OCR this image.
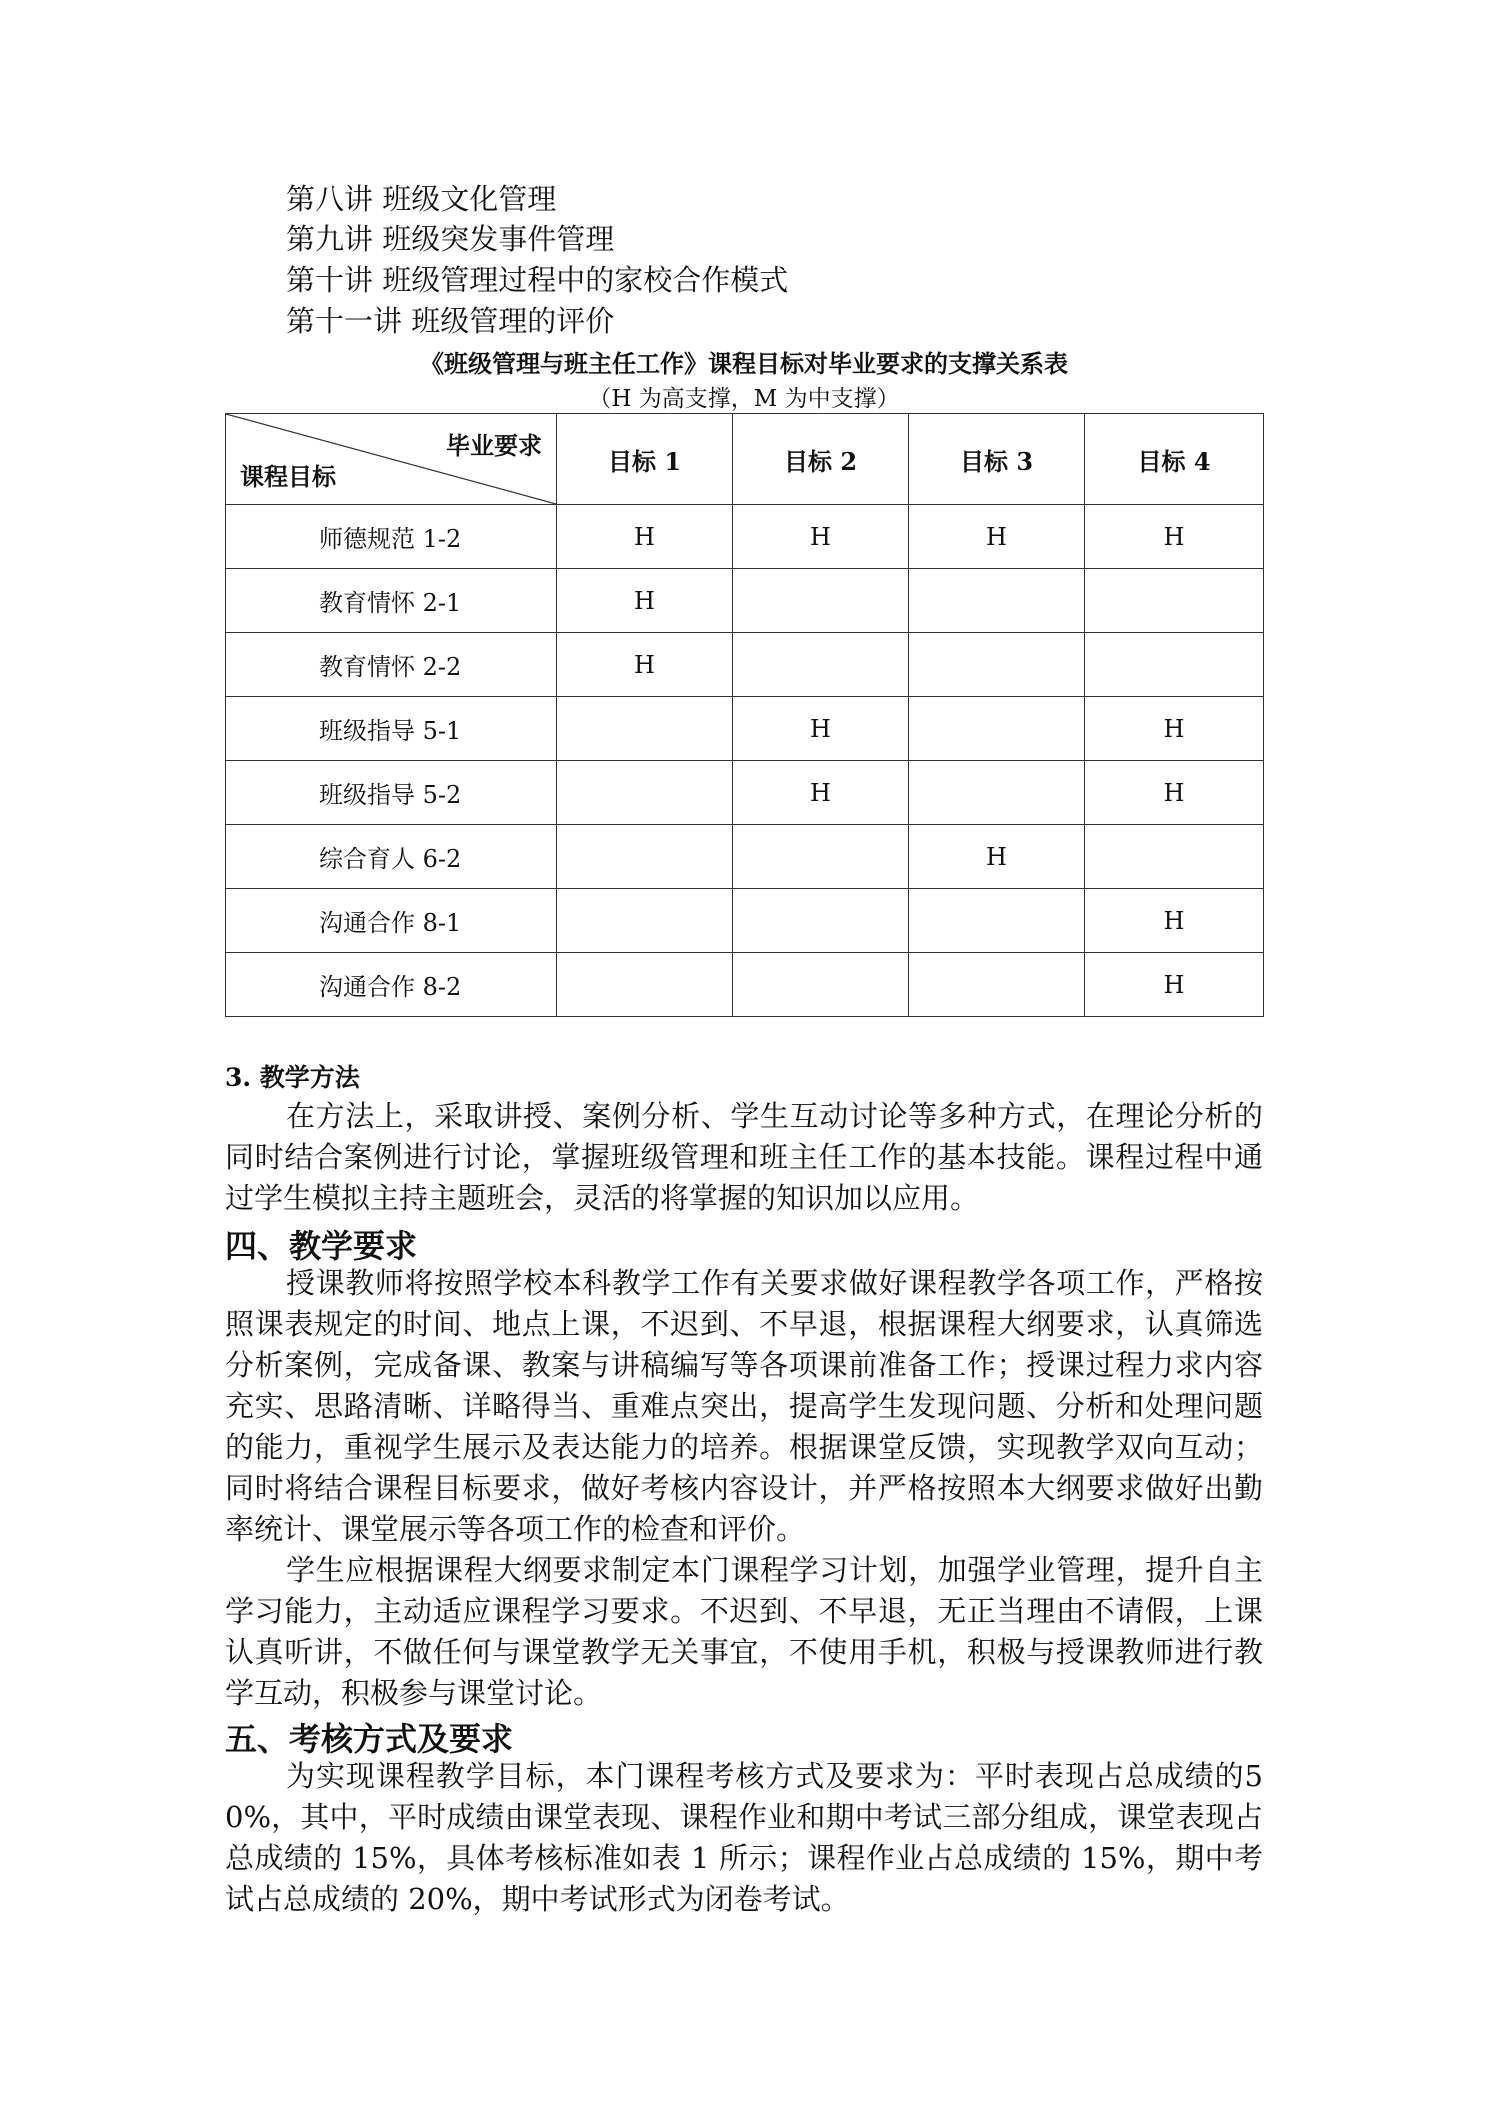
第八讲 班级文化管理
第九讲 班级突发事件管理
第十讲 班级管理过程中的家校合作模式
第十一讲 班级管理的评价
《班级管理与班主任工作》课程目标对毕业要求的支撑关系表
（H 为高支撑，M 为中支撑）
毕业要求
课程目标	目标 1	目标 2	目标 3	目标 4
师德规范 1-2	H	H	H	H
教育情怀 2-1	H			
教育情怀 2-2	H			
班级指导 5-1		H		H
班级指导 5-2		H		H
综合育人 6-2			H	
沟通合作 8-1				H
沟通合作 8-2				H
3. 教学方法
在方法上，采取讲授、案例分析、学生互动讨论等多种方式，在理论分析的同时结合案例进行讨论，掌握班级管理和班主任工作的基本技能。课程过程中通过学生模拟主持主题班会，灵活的将掌握的知识加以应用。
四、教学要求
授课教师将按照学校本科教学工作有关要求做好课程教学各项工作，严格按照课表规定的时间、地点上课，不迟到、不早退，根据课程大纲要求，认真筛选分析案例，完成备课、教案与讲稿编写等各项课前准备工作；授课过程力求内容充实、思路清晰、详略得当、重难点突出，提高学生发现问题、分析和处理问题的能力，重视学生展示及表达能力的培养。根据课堂反馈，实现教学双向互动；同时将结合课程目标要求，做好考核内容设计，并严格按照本大纲要求做好出勤率统计、课堂展示等各项工作的检查和评价。
学生应根据课程大纲要求制定本门课程学习计划，加强学业管理，提升自主学习能力，主动适应课程学习要求。不迟到、不早退，无正当理由不请假，上课认真听讲，不做任何与课堂教学无关事宜，不使用手机，积极与授课教师进行教学互动，积极参与课堂讨论。
五、考核方式及要求
为实现课程教学目标，本门课程考核方式及要求为：平时表现占总成绩的50%，其中，平时成绩由课堂表现、课程作业和期中考试三部分组成，课堂表现占总成绩的 15%，具体考核标准如表 1 所示；课程作业占总成绩的 15%，期中考试占总成绩的 20%，期中考试形式为闭卷考试。
